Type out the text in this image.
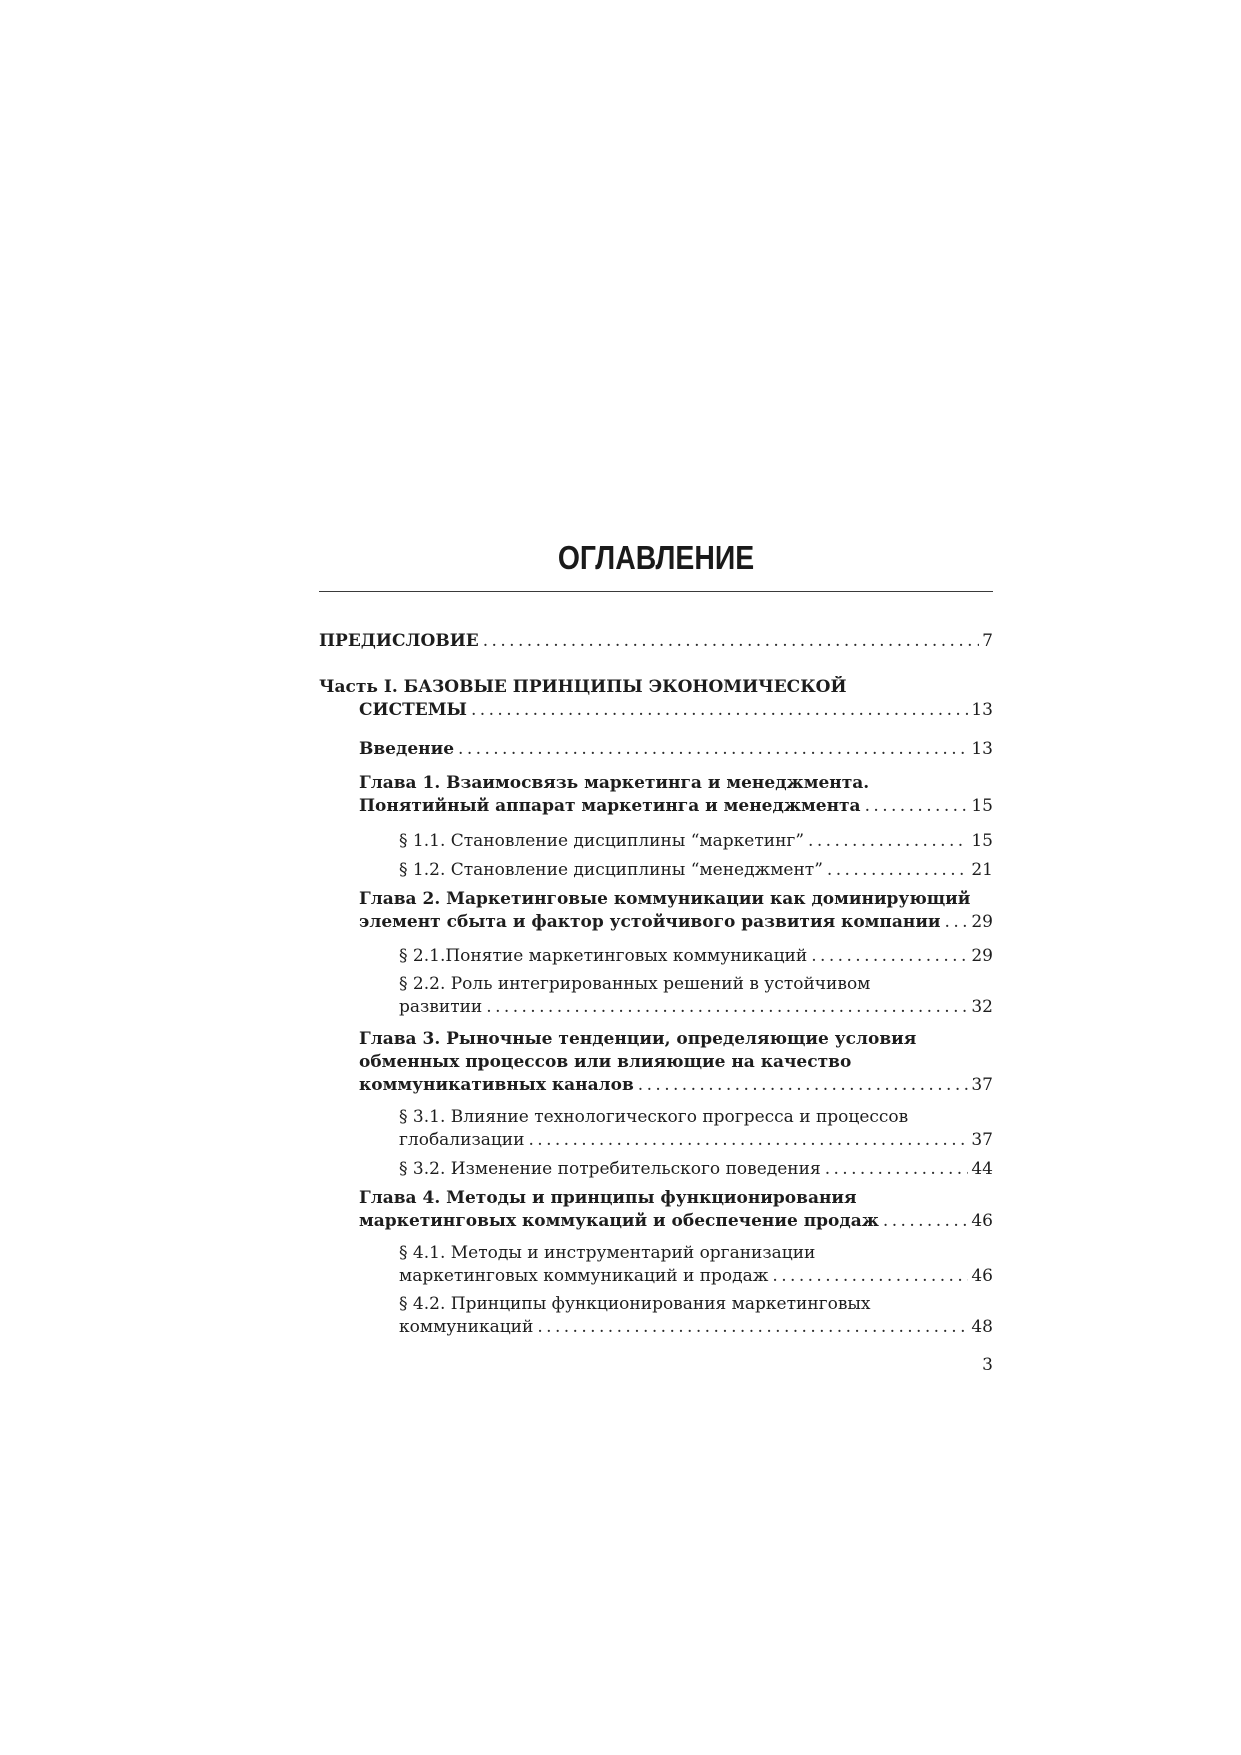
ОГЛАВЛЕНИЕ
ПРЕДИСЛОВИЕ . . .	7
Часть I. БАЗОВЫЕ ПРИНЦИПЫ ЭКОНОМИЧЕСКОЙ
СИСТЕМЫ . . .	13
Введение . . .	13
Глава 1. Взаимосвязь маркетинга и менеджмента.
Понятийный аппарат маркетинга и менеджмента . . .	15
§ 1.1. Становление дисциплины “маркетинг” . . .	15
§ 1.2. Становление дисциплины “менеджмент” . . .	21
Глава 2. Маркетинговые коммуникации как доминирующий
элемент сбыта и фактор устойчивого развития компании . . . 29
§ 2.1.Понятие маркетинговых коммуникаций . . .	29
§ 2.2. Роль интегрированных решений в устойчивом
развитии . . .	32
Глава 3. Рыночные тенденции, определяющие условия
обменных процессов или влияющие на качество
коммуникативных каналов . . .	37
§ 3.1. Влияние технологического прогресса и процессов
глобализации . . .	37
§ 3.2. Изменение потребительского поведения . . .	44
Глава 4. Методы и принципы функционирования
маркетинговых коммукаций и обеспечение продаж . . .	46
§ 4.1. Методы и инструментарий организации
маркетинговых коммуникаций и продаж . . .	46
§ 4.2. Принципы функционирования маркетинговых
коммуникаций . . .	48
3
